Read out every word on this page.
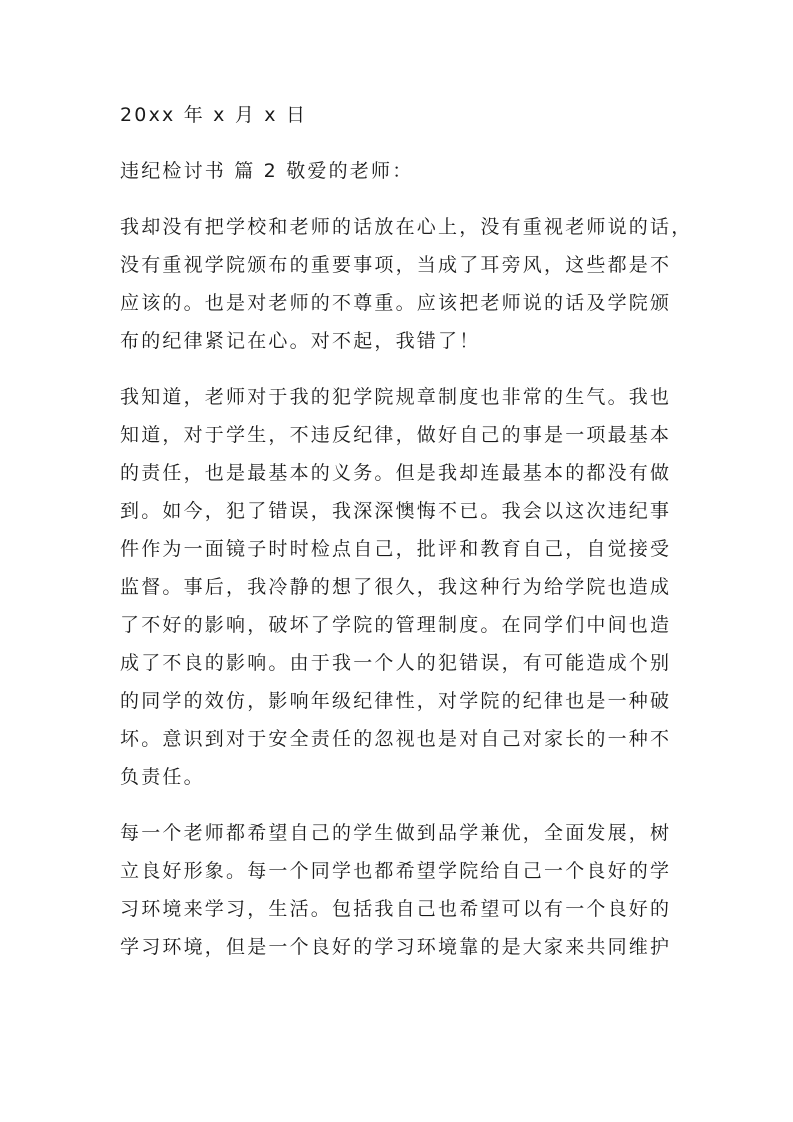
20xx 年 x 月 x 日

违纪检讨书 篇 2 敬爱的老师：

我却没有把学校和老师的话放在心上，没有重视老师说的话，

没有重视学院颁布的重要事项，当成了耳旁风，这些都是不

应该的。也是对老师的不尊重。应该把老师说的话及学院颁

布的纪律紧记在心。对不起，我错了！

我知道，老师对于我的犯学院规章制度也非常的生气。我也

知道，对于学生，不违反纪律，做好自己的事是一项最基本

的责任，也是最基本的义务。但是我却连最基本的都没有做

到。如今，犯了错误，我深深懊悔不已。我会以这次违纪事

件作为一面镜子时时检点自己，批评和教育自己，自觉接受

监督。事后，我冷静的想了很久，我这种行为给学院也造成

了不好的影响，破坏了学院的管理制度。在同学们中间也造

成了不良的影响。由于我一个人的犯错误，有可能造成个别

的同学的效仿，影响年级纪律性，对学院的纪律也是一种破

坏。意识到对于安全责任的忽视也是对自己对家长的一种不

负责任。

每一个老师都希望自己的学生做到品学兼优，全面发展，树

立良好形象。每一个同学也都希望学院给自己一个良好的学

习环境来学习，生活。包括我自己也希望可以有一个良好的

学习环境，但是一个良好的学习环境靠的是大家来共同维护
